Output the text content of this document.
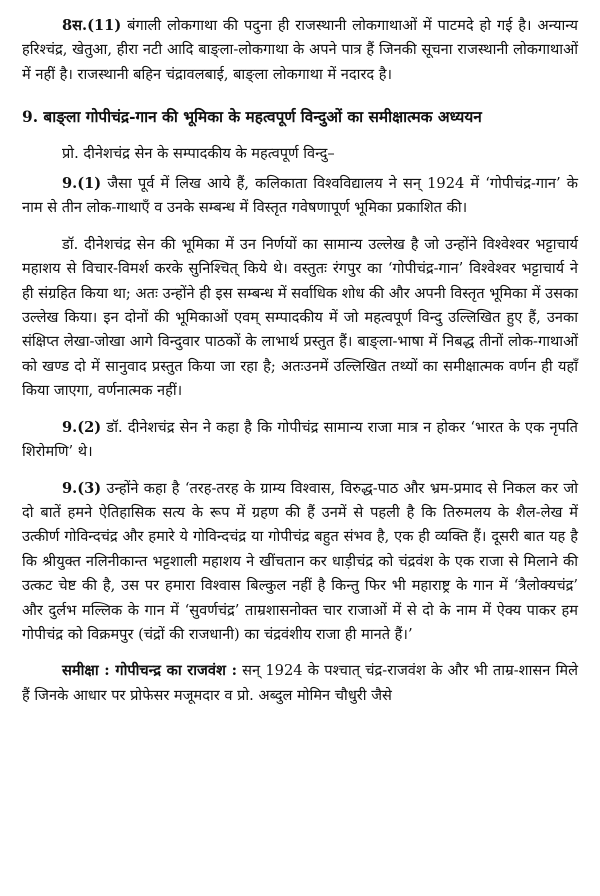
8स.(11) बंगाली लोकगाथा की पदुना ही राजस्थानी लोकगाथाओं में पाटमदे हो गई है। अन्यान्य हरिश्चंद्र, खेतुआ, हीरा नटी आदि बाङ्ला-लोकगाथा के अपने पात्र हैं जिनकी सूचना राजस्थानी लोकगाथाओं में नहीं है। राजस्थानी बहिन चंद्रावलबाई, बाङ्ला लोकगाथा में नदारद है।

9. बाङ्ला गोपीचंद्र-गान की भूमिका के महत्वपूर्ण विन्दुओं का समीक्षात्मक अध्ययन

प्रो. दीनेशचंद्र सेन के सम्पादकीय के महत्वपूर्ण विन्दु–

9.(1) जैसा पूर्व में लिख आये हैं, कलिकाता विश्वविद्यालय ने सन् 1924 में ‘गोपीचंद्र-गान’ के नाम से तीन लोक-गाथाएँ व उनके सम्बन्ध में विस्तृत गवेषणापूर्ण भूमिका प्रकाशित की।

डॉ. दीनेशचंद्र सेन की भूमिका में उन निर्णयों का सामान्य उल्लेख है जो उन्होंने विश्वेश्वर भट्टाचार्य महाशय से विचार-विमर्श करके सुनिश्चित् किये थे। वस्तुतः रंगपुर का ‘गोपीचंद्र-गान’ विश्वेश्वर भट्टाचार्य ने ही संग्रहित किया था; अतः उन्होंने ही इस सम्बन्ध में सर्वाधिक शोध की और अपनी विस्तृत भूमिका में उसका उल्लेख किया। इन दोनों की भूमिकाओं एवम् सम्पादकीय में जो महत्वपूर्ण विन्दु उल्लिखित हुए हैं, उनका संक्षिप्त लेखा-जोखा आगे विन्दुवार पाठकों के लाभार्थ प्रस्तुत हैं। बाङ्ला-भाषा में निबद्ध तीनों लोक-गाथाओं को खण्ड दो में सानुवाद प्रस्तुत किया जा रहा है; अतःउनमें उल्लिखित तथ्यों का समीक्षात्मक वर्णन ही यहाँ किया जाएगा, वर्णनात्मक नहीं।

9.(2) डॉ. दीनेशचंद्र सेन ने कहा है कि गोपीचंद्र सामान्य राजा मात्र न होकर ‘भारत के एक नृपति शिरोमणि’ थे।

9.(3) उन्होंने कहा है ‘तरह-तरह के ग्राम्य विश्वास, विरुद्ध-पाठ और भ्रम-प्रमाद से निकल कर जो दो बातें हमने ऐतिहासिक सत्य के रूप में ग्रहण की हैं उनमें से पहली है कि तिरुमलय के शैल-लेख में उत्कीर्ण गोविन्दचंद्र और हमारे ये गोविन्दचंद्र या गोपीचंद्र बहुत संभव है, एक ही व्यक्ति हैं। दूसरी बात यह है कि श्रीयुक्त नलिनीकान्त भट्टशाली महाशय ने खींचतान कर धाड़ीचंद्र को चंद्रवंश के एक राजा से मिलाने की उत्कट चेष्ट की है, उस पर हमारा विश्वास बिल्कुल नहीं है किन्तु फिर भी महाराष्ट्र के गान में ‘त्रैलोक्यचंद्र’ और दुर्लभ मल्लिक के गान में ‘सुवर्णचंद्र’ ताम्रशासनोक्त चार राजाओं में से दो के नाम में ऐक्य पाकर हम गोपीचंद्र को विक्रमपुर (चंद्रों की राजधानी) का चंद्रवंशीय राजा ही मानते हैं।’

समीक्षा : गोपीचन्द्र का राजवंश : सन् 1924 के पश्चात् चंद्र-राजवंश के और भी ताम्र-शासन मिले हैं जिनके आधार पर प्रोफेसर मजूमदार व प्रो. अब्दुल मोमिन चौधुरी जैसे
